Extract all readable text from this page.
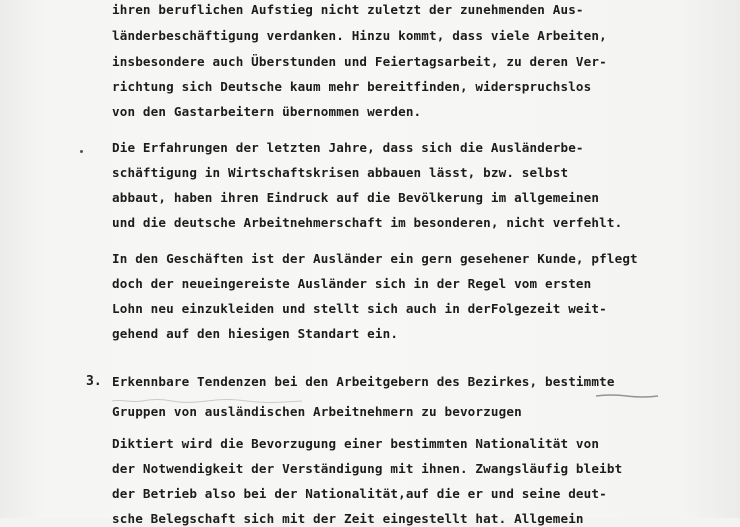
ihren beruflichen Aufstieg nicht zuletzt der zunehmenden Aus-
länderbeschäftigung verdanken. Hinzu kommt, dass viele Arbeiten,
insbesondere auch Überstunden und Feiertagsarbeit, zu deren Ver-
richtung sich Deutsche kaum mehr bereitfinden, widerspruchslos
von den Gastarbeitern übernommen werden.
Die Erfahrungen der letzten Jahre, dass sich die Ausländerbe-
schäftigung in Wirtschaftskrisen abbauen lässt, bzw. selbst
abbaut, haben ihren Eindruck auf die Bevölkerung im allgemeinen
und die deutsche Arbeitnehmerschaft im besonderen, nicht verfehlt.
In den Geschäften ist der Ausländer ein gern gesehener Kunde, pflegt
doch der neueingereiste Ausländer sich in der Regel vom ersten
Lohn neu einzukleiden und stellt sich auch in derFolgezeit weit-
gehend auf den hiesigen Standart ein.
3. Erkennbare Tendenzen bei den Arbeitgebern des Bezirkes, bestimmte
Gruppen von ausländischen Arbeitnehmern zu bevorzugen
Diktiert wird die Bevorzugung einer bestimmten Nationalität von
der Notwendigkeit der Verständigung mit ihnen. Zwangsläufig bleibt
der Betrieb also bei der Nationalität,auf die er und seine deut-
sche Belegschaft sich mit der Zeit eingestellt hat. Allgemein
